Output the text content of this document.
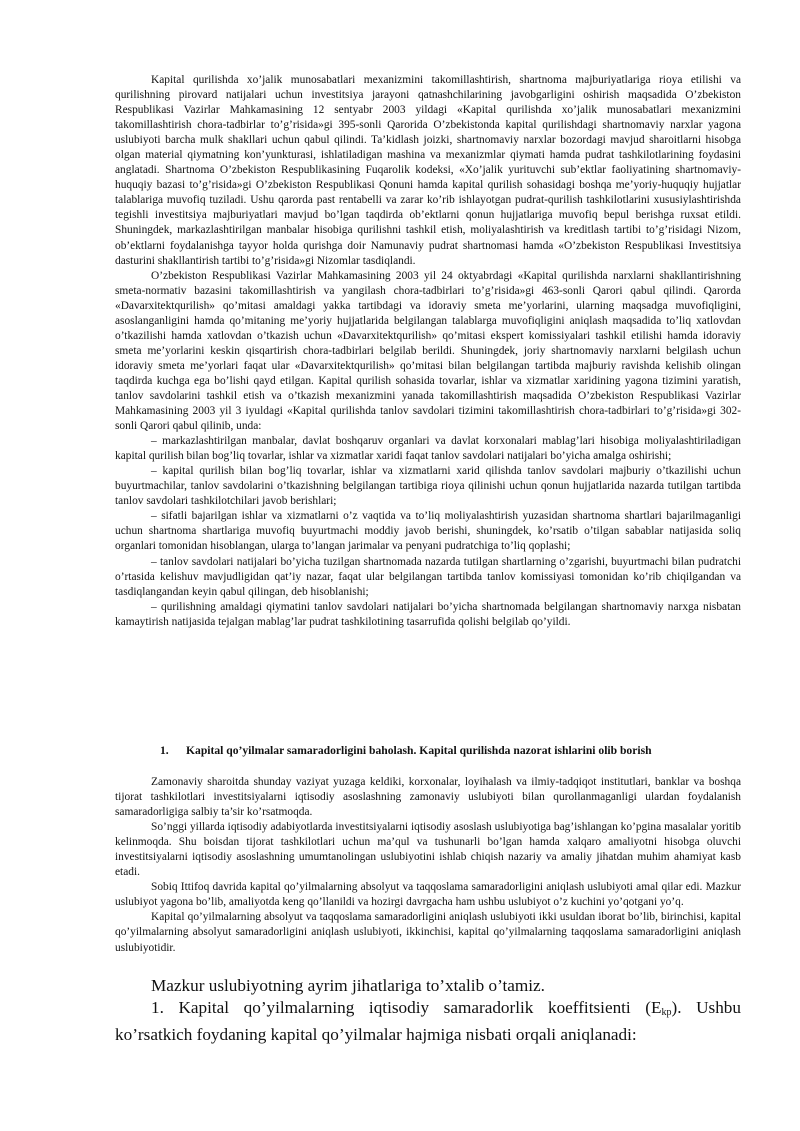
Kapital qurilishda xo’jalik munosabatlari mexanizmini takomillashtirish, shartnoma majburiyatlariga rioya etilishi va qurilishning pirovard natijalari uchun investitsiya jarayoni qatnashchilarining javobgarligini oshirish maqsadida O’zbekiston Respublikasi Vazirlar Mahkamasining 12 sentyabr 2003 yildagi «Kapital qurilishda xo’jalik munosabatlari mexanizmini takomillashtirish chora-tadbirlar to’g’risida»gi 395-sonli Qarorida O’zbekistonda kapital qurilishdagi shartnomaviy narxlar yagona uslubiyoti barcha mulk shakllari uchun qabul qilindi. Ta’kidlash joizki, shartnomaviy narxlar bozordagi mavjud sharoitlarni hisobga olgan material qiymatning kon’yunkturasi, ishlatiladigan mashina va mexanizmlar qiymati hamda pudrat tashkilotlarining foydasini anglatadi. Shartnoma O’zbekiston Respublikasining Fuqarolik kodeksi, «Xo’jalik yurituvchi sub’ektlar faoliyatining shartnomaviy-huquqiy bazasi to’g’risida»gi O’zbekiston Respublikasi Qonuni hamda kapital qurilish sohasidagi boshqa me’yoriy-huquqiy hujjatlar talablariga muvofiq tuziladi. Ushu qarorda past rentabelli va zarar ko’rib ishlayotgan pudrat-qurilish tashkilotlarini xususiylashtirishda tegishli investitsiya majburiyatlari mavjud bo’lgan taqdirda ob’ektlarni qonun hujjatlariga muvofiq bepul berishga ruxsat etildi. Shuningdek, markazlashtirilgan manbalar hisobiga qurilishni tashkil etish, moliyalashtirish va kreditlash tartibi to’g’risidagi Nizom, ob’ektlarni foydalanishga tayyor holda qurishga doir Namunaviy pudrat shartnomasi hamda «O’zbekiston Respublikasi Investitsiya dasturini shakllantirish tartibi to’g’risida»gi Nizomlar tasdiqlandi.

O’zbekiston Respublikasi Vazirlar Mahkamasining 2003 yil 24 oktyabrdagi «Kapital qurilishda narxlarni shakllantirishning smeta-normativ bazasini takomillashtirish va yangilash chora-tadbirlari to’g’risida»gi 463-sonli Qarori qabul qilindi. Qarorda «Davarxitektqurilish» qo’mitasi amaldagi yakka tartibdagi va idoraviy smeta me’yorlarini, ularning maqsadga muvofiqligini, asoslanganligini hamda qo’mitaning me’yoriy hujjatlarida belgilangan talablarga muvofiqligini aniqlash maqsadida to’liq xatlovdan o’tkazilishi hamda xatlovdan o’tkazish uchun «Davarxitektqurilish» qo’mitasi ekspert komissiyalari tashkil etilishi hamda idoraviy smeta me’yorlarini keskin qisqartirish chora-tadbirlari belgilab berildi. Shuningdek, joriy shartnomaviy narxlarni belgilash uchun idoraviy smeta me’yorlari faqat ular «Davarxitektqurilish» qo’mitasi bilan belgilangan tartibda majburiy ravishda kelishib olingan taqdirda kuchga ega bo’lishi qayd etilgan. Kapital qurilish sohasida tovarlar, ishlar va xizmatlar xaridining yagona tizimini yaratish, tanlov savdolarini tashkil etish va o’tkazish mexanizmini yanada takomillashtirish maqsadida O’zbekiston Respublikasi Vazirlar Mahkamasining 2003 yil 3 iyuldagi «Kapital qurilishda tanlov savdolari tizimini takomillashtirish chora-tadbirlari to’g’risida»gi 302-sonli Qarori qabul qilinib, unda:

– markazlashtirilgan manbalar, davlat boshqaruv organlari va davlat korxonalari mablag’lari hisobiga moliyalashtiriladigan kapital qurilish bilan bog’liq tovarlar, ishlar va xizmatlar xaridi faqat tanlov savdolari natijalari bo’yicha amalga oshirishi;

– kapital qurilish bilan bog’liq tovarlar, ishlar va xizmatlarni xarid qilishda tanlov savdolari majburiy o’tkazilishi uchun buyurtmachilar, tanlov savdolarini o’tkazishning belgilangan tartibiga rioya qilinishi uchun qonun hujjatlarida nazarda tutilgan tartibda tanlov savdolari tashkilotchilari javob berishlari;

– sifatli bajarilgan ishlar va xizmatlarni o’z vaqtida va to’liq moliyalashtirish yuzasidan shartnoma shartlari bajarilmaganligi uchun shartnoma shartlariga muvofiq buyurtmachi moddiy javob berishi, shuningdek, ko’rsatib o’tilgan sabablar natijasida soliq organlari tomonidan hisoblangan, ularga to’langan jarimalar va penyani pudratchiga to’liq qoplashi;

– tanlov savdolari natijalari bo’yicha tuzilgan shartnomada nazarda tutilgan shartlarning o’zgarishi, buyurtmachi bilan pudratchi o’rtasida kelishuv mavjudligidan qat’iy nazar, faqat ular belgilangan tartibda tanlov komissiyasi tomonidan ko’rib chiqilgandan va tasdiqlangandan keyin qabul qilingan, deb hisoblanishi;

– qurilishning amaldagi qiymatini tanlov savdolari natijalari bo’yicha shartnomada belgilangan shartnomaviy narxga nisbatan kamaytirish natijasida tejalgan mablag’lar pudrat tashkilotining tasarrufida qolishi belgilab qo’yildi.

1. Kapital qo’yilmalar samaradorligini baholash. Kapital qurilishda nazorat ishlarini olib borish

Zamonaviy sharoitda shunday vaziyat yuzaga keldiki, korxonalar, loyihalash va ilmiy-tadqiqot institutlari, banklar va boshqa tijorat tashkilotlari investitsiyalarni iqtisodiy asoslashning zamonaviy uslubiyoti bilan qurollanmaganligi ulardan foydalanish samaradorligiga salbiy ta’sir ko’rsatmoqda.

So’nggi yillarda iqtisodiy adabiyotlarda investitsiyalarni iqtisodiy asoslash uslubiyotiga bag’ishlangan ko’pgina masalalar yoritib kelinmoqda. Shu boisdan tijorat tashkilotlari uchun ma’qul va tushunarli bo’lgan hamda xalqaro amaliyotni hisobga oluvchi investitsiyalarni iqtisodiy asoslashning umumtanolingan uslubiyotini ishlab chiqish nazariy va amaliy jihatdan muhim ahamiyat kasb etadi.

Sobiq Ittifoq davrida kapital qo’yilmalarning absolyut va taqqoslama samaradorligini aniqlash uslubiyoti amal qilar edi. Mazkur uslubiyot yagona bo’lib, amaliyotda keng qo’llanildi va hozirgi davrgacha ham ushbu uslubiyot o’z kuchini yo’qotgani yo’q.

Kapital qo’yilmalarning absolyut va taqqoslama samaradorligini aniqlash uslubiyoti ikki usuldan iborat bo’lib, birinchisi, kapital qo’yilmalarning absolyut samaradorligini aniqlash uslubiyoti, ikkinchisi, kapital qo’yilmalarning taqqoslama samaradorligini aniqlash uslubiyotidir.

Mazkur uslubiyotning ayrim jihatlariga to’xtalib o’tamiz.

1. Kapital qo’yilmalarning iqtisodiy samaradorlik koeffitsienti $(E_{kp})$. Ushbu ko’rsatkich foydaning kapital qo’yilmalar hajmiga nisbati orqali aniqlanadi:
